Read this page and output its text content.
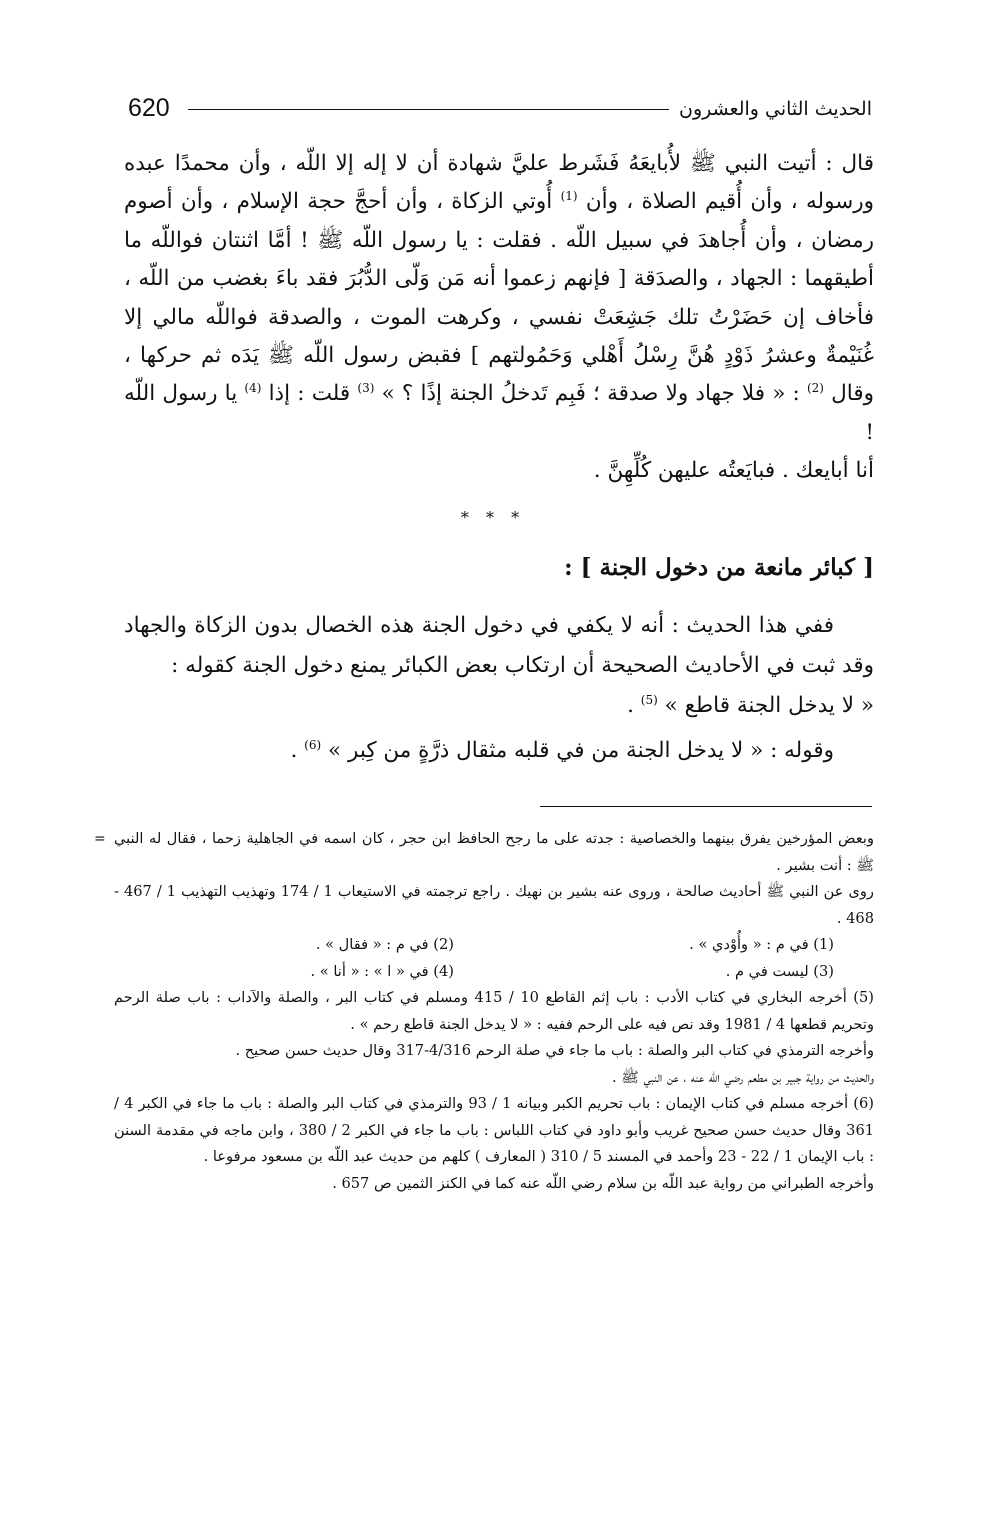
620	الحديث الثاني والعشرون

قال : أتيت النبي ﷺ لأُبايعَهُ فَشَرط عليَّ شهادة أن لا إله إلا اللّه ، وأن محمدًا عبده ورسوله ، وأن أُقيم الصلاة ، وأن $^{(1)}$ أُوتي الزكاة ، وأن أحجَّ حجة الإسلام ، وأن أصوم رمضان ، وأن أُجاهدَ في سبيل اللّه . فقلت : يا رسول اللّه ﷺ ! أمَّا اثنتان فواللّه ما أطيقهما : الجهاد ، والصدَقة [ فإنهم زعموا أنه مَن وَلّى الدُّبُرَ فقد باءَ بغضب من اللّه ، فأخاف إن حَضَرْتُ تلك جَشِعَتْ نفسي ، وكرهت الموت ، والصدقة فواللّه مالي إلا غُنَيْمةٌ وعشرُ ذَوْدٍ هُنَّ رِسْلُ أَهْلي وَحَمُولتهم ] فقبض رسول اللّه ﷺ يَدَه ثم حركها ، وقال $^{(2)}$ : « فلا جهاد ولا صدقة ؛ فَبِم تَدخلُ الجنة إذًا ؟ » $^{(3)}$ قلت : إذا $^{(4)}$ يا رسول اللّه !

أنا أبايعك . فبايَعتُه عليهن كُلِّهِنَّ .

* * *
[ كبائر مانعة من دخول الجنة ] :

ففي هذا الحديث : أنه لا يكفي في دخول الجنة هذه الخصال بدون الزكاة والجهاد وقد ثبت في الأحاديث الصحيحة أن ارتكاب بعض الكبائر يمنع دخول الجنة كقوله :

« لا يدخل الجنة قاطع » $^{(5)}$ .

وقوله : « لا يدخل الجنة من في قلبه مثقال ذرَّةٍ من كِبر » $^{(6)}$ .

= وبعض المؤرخين يفرق بينهما والخصاصية : جدته على ما رجح الحافظ ابن حجر ، كان اسمه في الجاهلية زحما ، فقال له النبي ﷺ : أنت بشير .

روى عن النبي ﷺ أحاديث صالحة ، وروى عنه بشير بن نهيك . راجع ترجمته في الاستيعاب 1 / 174 وتهذيب التهذيب 1 / 467 - 468 .

(1) في م : « وأُوْدي » .
(2) في م : « فقال » .
(3) ليست في م .
(4) في « ا » : « أنا » .

(5) أخرجه البخاري في كتاب الأدب : باب إثم القاطع 10 / 415 ومسلم في كتاب البر ، والصلة والآداب : باب صلة الرحم وتحريم قطعها 4 / 1981 وقد نص فيه على الرحم ففيه : « لا يدخل الجنة قاطع رحم » .

وأخرجه الترمذي في كتاب البر والصلة : باب ما جاء في صلة الرحم 4/316-317 وقال حديث حسن صحيح .

والحديث من رواية جبير بن مطعم رضي اللّه عنه ، عن النبي ﷺ .

(6) أخرجه مسلم في كتاب الإيمان : باب تحريم الكبر وبيانه 1 / 93 والترمذي في كتاب البر والصلة : باب ما جاء في الكبر 4 / 361 وقال حديث حسن صحيح غريب وأبو داود في كتاب اللباس : باب ما جاء في الكبر 2 / 380 ، وابن ماجه في مقدمة السنن : باب الإيمان 1 / 22 - 23 وأحمد في المسند 5 / 310 ( المعارف ) كلهم من حديث عبد اللّه بن مسعود مرفوعا .

وأخرجه الطبراني من رواية عبد اللّه بن سلام رضي اللّه عنه كما في الكنز الثمين ص 657 .
